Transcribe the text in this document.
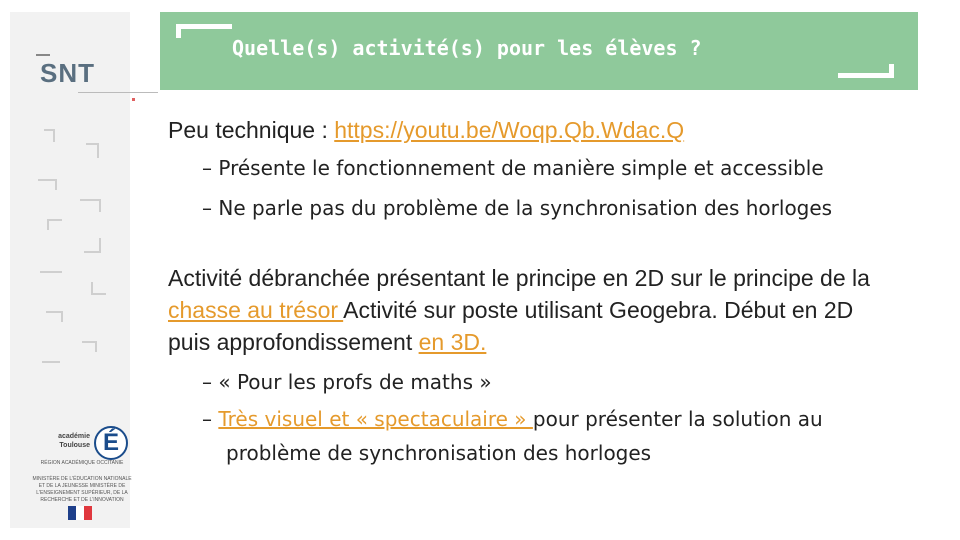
SNT
académie
Toulouse É
RÉGION ACADÉMIQUE OCCITANIE
MINISTÈRE DE L'ÉDUCATION NATIONALE ET DE LA JEUNESSE MINISTÈRE DE L'ENSEIGNEMENT SUPÉRIEUR, DE LA RECHERCHE ET DE L'INNOVATION
Quelle(s) activité(s) pour les élèves ?
Peu technique : https://youtu.be/Woqp.Qb.Wdac.Q
– Présente le fonctionnement de manière simple et accessible
– Ne parle pas du problème de la synchronisation des horloges
Activité débranchée présentant le principe en 2D sur le principe de la chasse au trésor Activité sur poste utilisant Geogebra. Début en 2D puis approfondissement en 3D.
– « Pour les profs de maths »
– Très visuel et « spectaculaire » pour présenter la solution au
problème de synchronisation des horloges
